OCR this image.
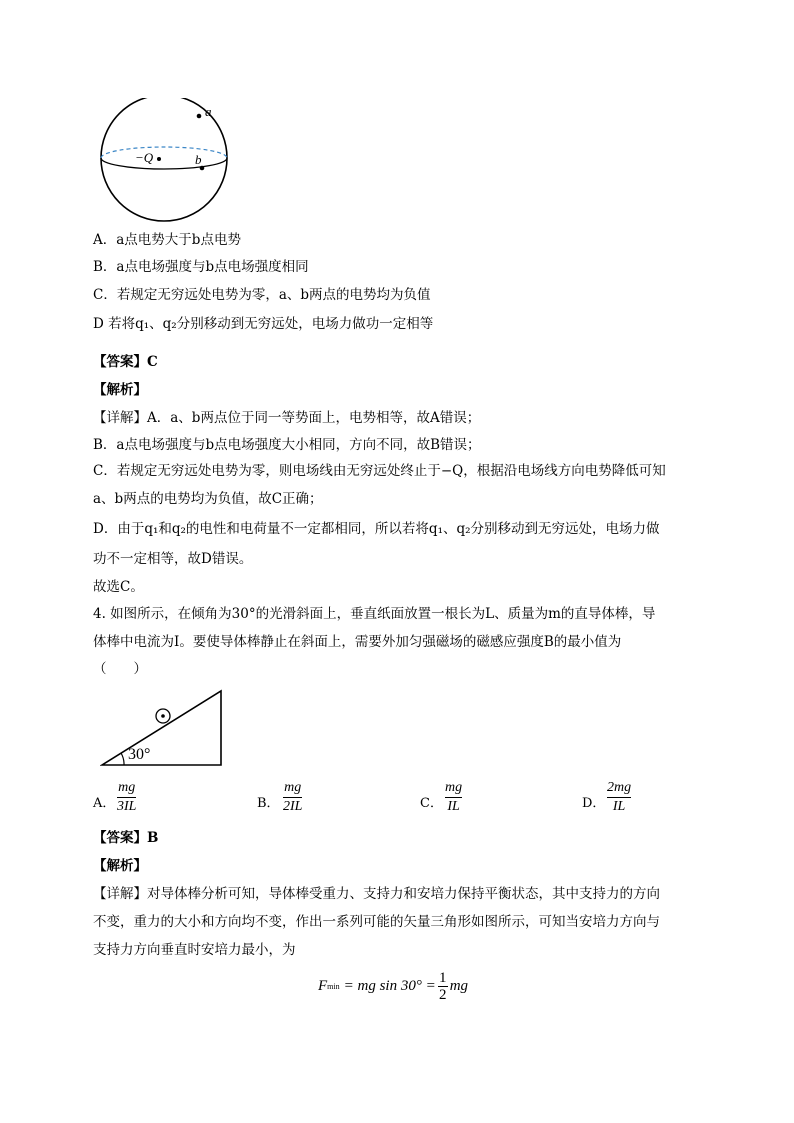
a
b
−Q
A．a点电势大于b点电势
B．a点电场强度与b点电场强度相同
C．若规定无穷远处电势为零，a、b两点的电势均为负值
D 若将q₁、q₂分别移动到无穷远处，电场力做功一定相等
【答案】C
【解析】
【详解】A．a、b两点位于同一等势面上，电势相等，故A错误；
B．a点电场强度与b点电场强度大小相同，方向不同，故B错误；
C．若规定无穷远处电势为零，则电场线由无穷远处终止于−Q，根据沿电场线方向电势降低可知
a、b两点的电势均为负值，故C正确；
D．由于q₁和q₂的电性和电荷量不一定都相同，所以若将q₁、q₂分别移动到无穷远处，电场力做
功不一定相等，故D错误。
故选C。
4. 如图所示，在倾角为30°的光滑斜面上，垂直纸面放置一根长为L、质量为m的直导体棒，导
体棒中电流为I。要使导体棒静止在斜面上，需要外加匀强磁场的磁感应强度B的最小值为
（　　）
30°
A．
mg
3IL	B．
mg
2IL	C．
mg
IL	D．
2mg
IL
【答案】B
【解析】
【详解】对导体棒分析可知，导体棒受重力、支持力和安培力保持平衡状态，其中支持力的方向
不变，重力的大小和方向均不变，作出一系列可能的矢量三角形如图所示，可知当安培力方向与
支持力方向垂直时安培力最小，为
F min = mg sin 30° = 1
2
mg
